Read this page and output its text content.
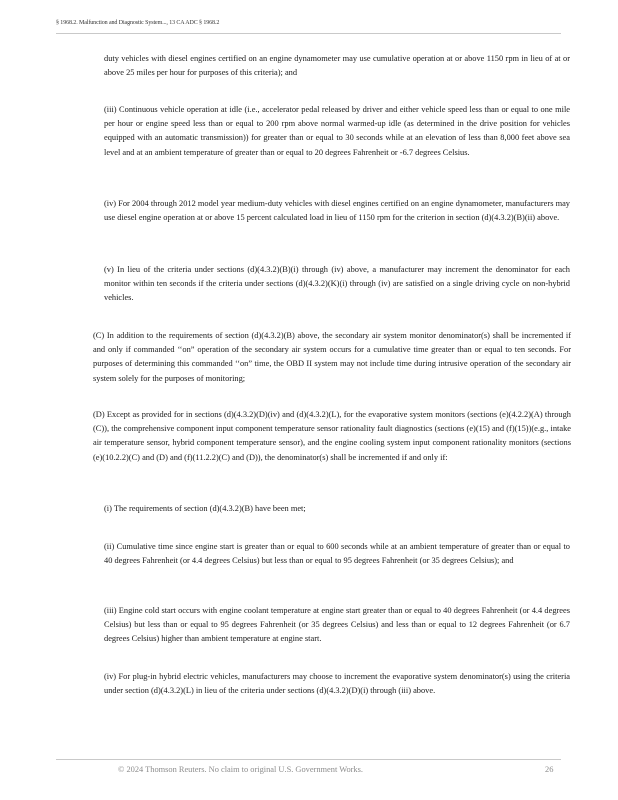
§ 1968.2. Malfunction and Diagnostic System..., 13 CA ADC § 1968.2

duty vehicles with diesel engines certified on an engine dynamometer may use cumulative operation at or above 1150 rpm in lieu of at or above 25 miles per hour for purposes of this criteria); and

(iii) Continuous vehicle operation at idle (i.e., accelerator pedal released by driver and either vehicle speed less than or equal to one mile per hour or engine speed less than or equal to 200 rpm above normal warmed-up idle (as determined in the drive position for vehicles equipped with an automatic transmission)) for greater than or equal to 30 seconds while at an elevation of less than 8,000 feet above sea level and at an ambient temperature of greater than or equal to 20 degrees Fahrenheit or -6.7 degrees Celsius.

(iv) For 2004 through 2012 model year medium-duty vehicles with diesel engines certified on an engine dynamometer, manufacturers may use diesel engine operation at or above 15 percent calculated load in lieu of 1150 rpm for the criterion in section (d)(4.3.2)(B)(ii) above.

(v) In lieu of the criteria under sections (d)(4.3.2)(B)(i) through (iv) above, a manufacturer may increment the denominator for each monitor within ten seconds if the criteria under sections (d)(4.3.2)(K)(i) through (iv) are satisfied on a single driving cycle on non-hybrid vehicles.

(C) In addition to the requirements of section (d)(4.3.2)(B) above, the secondary air system monitor denominator(s) shall be incremented if and only if commanded ‘‘on” operation of the secondary air system occurs for a cumulative time greater than or equal to ten seconds. For purposes of determining this commanded ‘‘on” time, the OBD II system may not include time during intrusive operation of the secondary air system solely for the purposes of monitoring;

(D) Except as provided for in sections (d)(4.3.2)(D)(iv) and (d)(4.3.2)(L), for the evaporative system monitors (sections (e)(4.2.2)(A) through (C)), the comprehensive component input component temperature sensor rationality fault diagnostics (sections (e)(15) and (f)(15))(e.g., intake air temperature sensor, hybrid component temperature sensor), and the engine cooling system input component rationality monitors (sections (e)(10.2.2)(C) and (D) and (f)(11.2.2)(C) and (D)), the denominator(s) shall be incremented if and only if:

(i) The requirements of section (d)(4.3.2)(B) have been met;

(ii) Cumulative time since engine start is greater than or equal to 600 seconds while at an ambient temperature of greater than or equal to 40 degrees Fahrenheit (or 4.4 degrees Celsius) but less than or equal to 95 degrees Fahrenheit (or 35 degrees Celsius); and

(iii) Engine cold start occurs with engine coolant temperature at engine start greater than or equal to 40 degrees Fahrenheit (or 4.4 degrees Celsius) but less than or equal to 95 degrees Fahrenheit (or 35 degrees Celsius) and less than or equal to 12 degrees Fahrenheit (or 6.7 degrees Celsius) higher than ambient temperature at engine start.

(iv) For plug-in hybrid electric vehicles, manufacturers may choose to increment the evaporative system denominator(s) using the criteria under section (d)(4.3.2)(L) in lieu of the criteria under sections (d)(4.3.2)(D)(i) through (iii) above.

© 2024 Thomson Reuters. No claim to original U.S. Government Works.	26
